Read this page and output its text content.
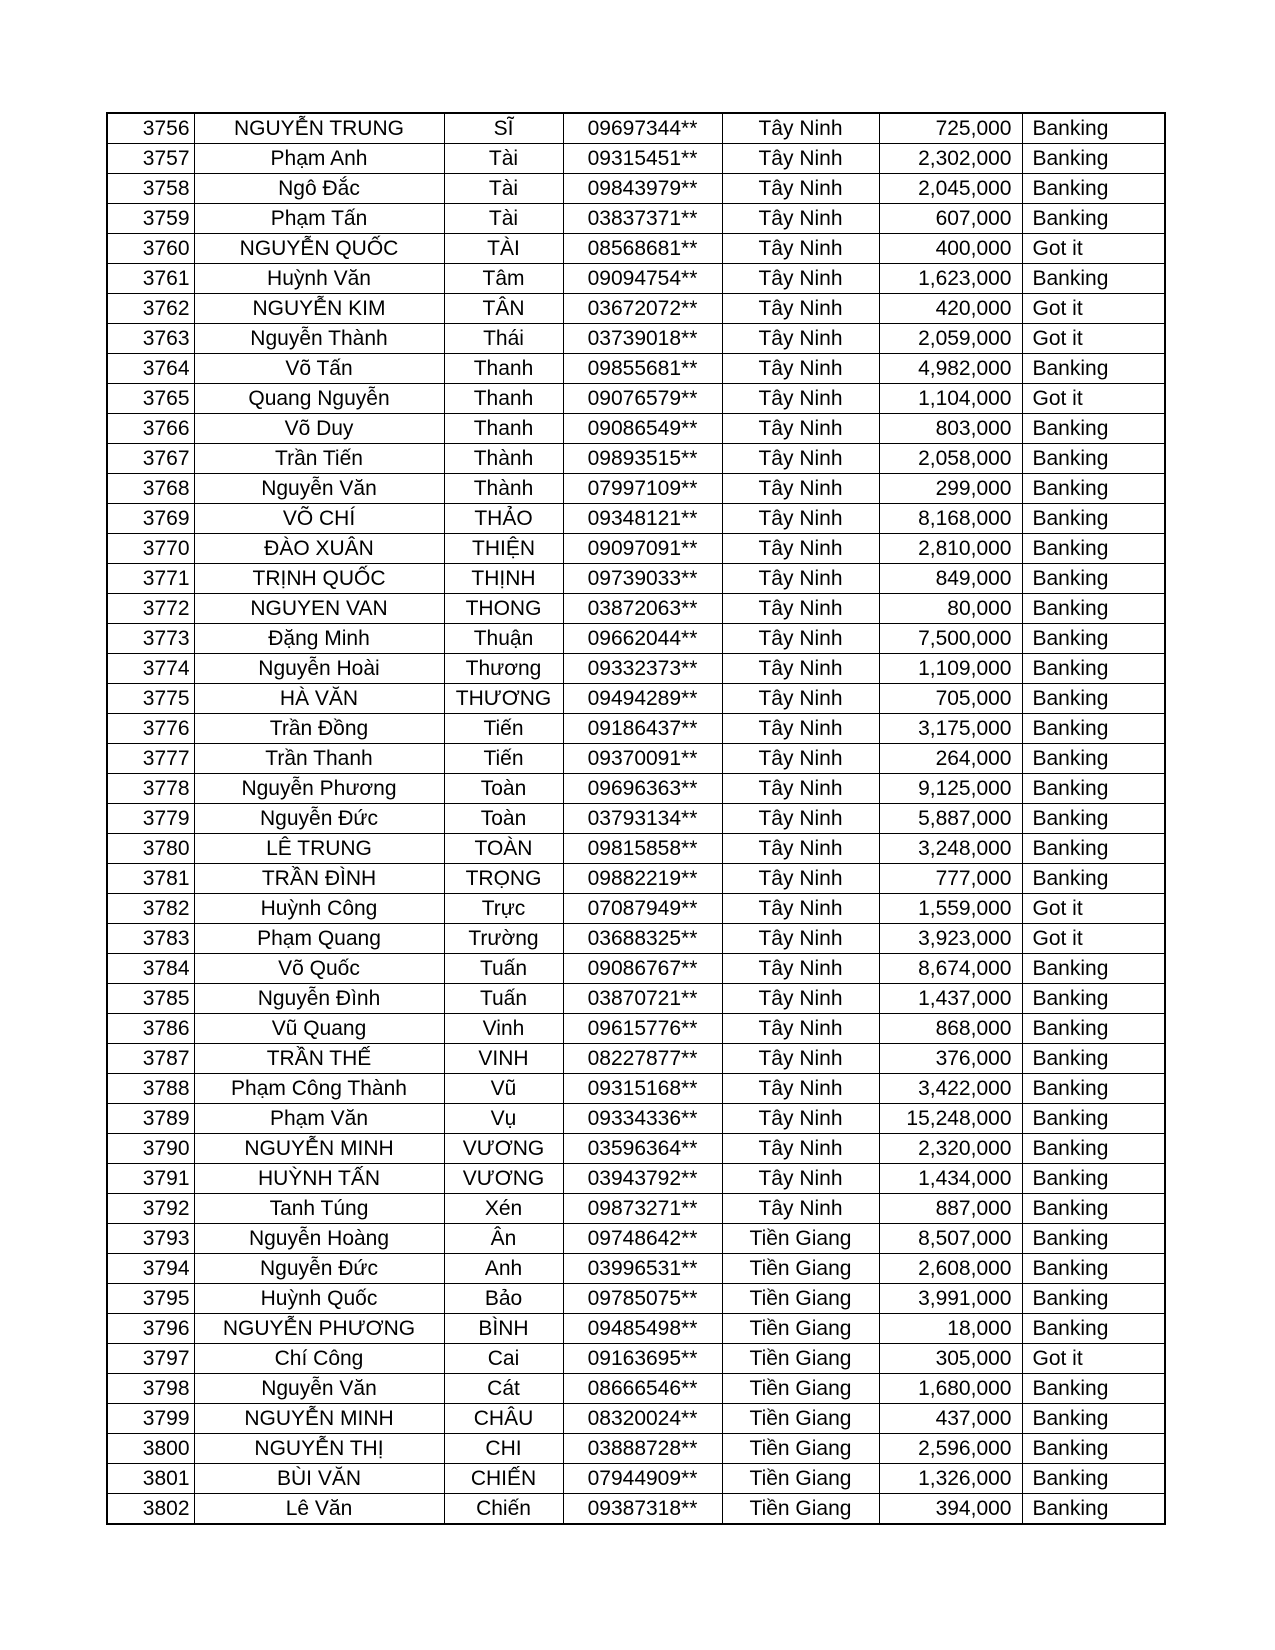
3756	NGUYỄN TRUNG	SĨ	09697344**	Tây Ninh	725,000	Banking
3757	Phạm Anh	Tài	09315451**	Tây Ninh	2,302,000	Banking
3758	Ngô Đắc	Tài	09843979**	Tây Ninh	2,045,000	Banking
3759	Phạm Tấn	Tài	03837371**	Tây Ninh	607,000	Banking
3760	NGUYỄN QUỐC	TÀI	08568681**	Tây Ninh	400,000	Got it
3761	Huỳnh Văn	Tâm	09094754**	Tây Ninh	1,623,000	Banking
3762	NGUYỄN KIM	TÂN	03672072**	Tây Ninh	420,000	Got it
3763	Nguyễn Thành	Thái	03739018**	Tây Ninh	2,059,000	Got it
3764	Võ Tấn	Thanh	09855681**	Tây Ninh	4,982,000	Banking
3765	Quang Nguyễn	Thanh	09076579**	Tây Ninh	1,104,000	Got it
3766	Võ Duy	Thanh	09086549**	Tây Ninh	803,000	Banking
3767	Trần Tiến	Thành	09893515**	Tây Ninh	2,058,000	Banking
3768	Nguyễn Văn	Thành	07997109**	Tây Ninh	299,000	Banking
3769	VÕ CHÍ	THẢO	09348121**	Tây Ninh	8,168,000	Banking
3770	ĐÀO XUÂN	THIỆN	09097091**	Tây Ninh	2,810,000	Banking
3771	TRỊNH QUỐC	THỊNH	09739033**	Tây Ninh	849,000	Banking
3772	NGUYEN VAN	THONG	03872063**	Tây Ninh	80,000	Banking
3773	Đặng Minh	Thuận	09662044**	Tây Ninh	7,500,000	Banking
3774	Nguyễn Hoài	Thương	09332373**	Tây Ninh	1,109,000	Banking
3775	HÀ VĂN	THƯƠNG	09494289**	Tây Ninh	705,000	Banking
3776	Trần Đồng	Tiến	09186437**	Tây Ninh	3,175,000	Banking
3777	Trần Thanh	Tiến	09370091**	Tây Ninh	264,000	Banking
3778	Nguyễn Phương	Toàn	09696363**	Tây Ninh	9,125,000	Banking
3779	Nguyễn Đức	Toàn	03793134**	Tây Ninh	5,887,000	Banking
3780	LÊ TRUNG	TOÀN	09815858**	Tây Ninh	3,248,000	Banking
3781	TRẦN ĐÌNH	TRỌNG	09882219**	Tây Ninh	777,000	Banking
3782	Huỳnh Công	Trực	07087949**	Tây Ninh	1,559,000	Got it
3783	Phạm Quang	Trường	03688325**	Tây Ninh	3,923,000	Got it
3784	Võ Quốc	Tuấn	09086767**	Tây Ninh	8,674,000	Banking
3785	Nguyễn Đình	Tuấn	03870721**	Tây Ninh	1,437,000	Banking
3786	Vũ Quang	Vinh	09615776**	Tây Ninh	868,000	Banking
3787	TRẦN THẾ	VINH	08227877**	Tây Ninh	376,000	Banking
3788	Phạm Công Thành	Vũ	09315168**	Tây Ninh	3,422,000	Banking
3789	Phạm Văn	Vụ	09334336**	Tây Ninh	15,248,000	Banking
3790	NGUYỄN MINH	VƯƠNG	03596364**	Tây Ninh	2,320,000	Banking
3791	HUỲNH TẤN	VƯƠNG	03943792**	Tây Ninh	1,434,000	Banking
3792	Tanh Túng	Xén	09873271**	Tây Ninh	887,000	Banking
3793	Nguyễn Hoàng	Ân	09748642**	Tiền Giang	8,507,000	Banking
3794	Nguyễn Đức	Anh	03996531**	Tiền Giang	2,608,000	Banking
3795	Huỳnh Quốc	Bảo	09785075**	Tiền Giang	3,991,000	Banking
3796	NGUYỄN PHƯƠNG	BÌNH	09485498**	Tiền Giang	18,000	Banking
3797	Chí Công	Cai	09163695**	Tiền Giang	305,000	Got it
3798	Nguyễn Văn	Cát	08666546**	Tiền Giang	1,680,000	Banking
3799	NGUYỄN MINH	CHÂU	08320024**	Tiền Giang	437,000	Banking
3800	NGUYỄN THỊ	CHI	03888728**	Tiền Giang	2,596,000	Banking
3801	BÙI VĂN	CHIẾN	07944909**	Tiền Giang	1,326,000	Banking
3802	Lê Văn	Chiến	09387318**	Tiền Giang	394,000	Banking
